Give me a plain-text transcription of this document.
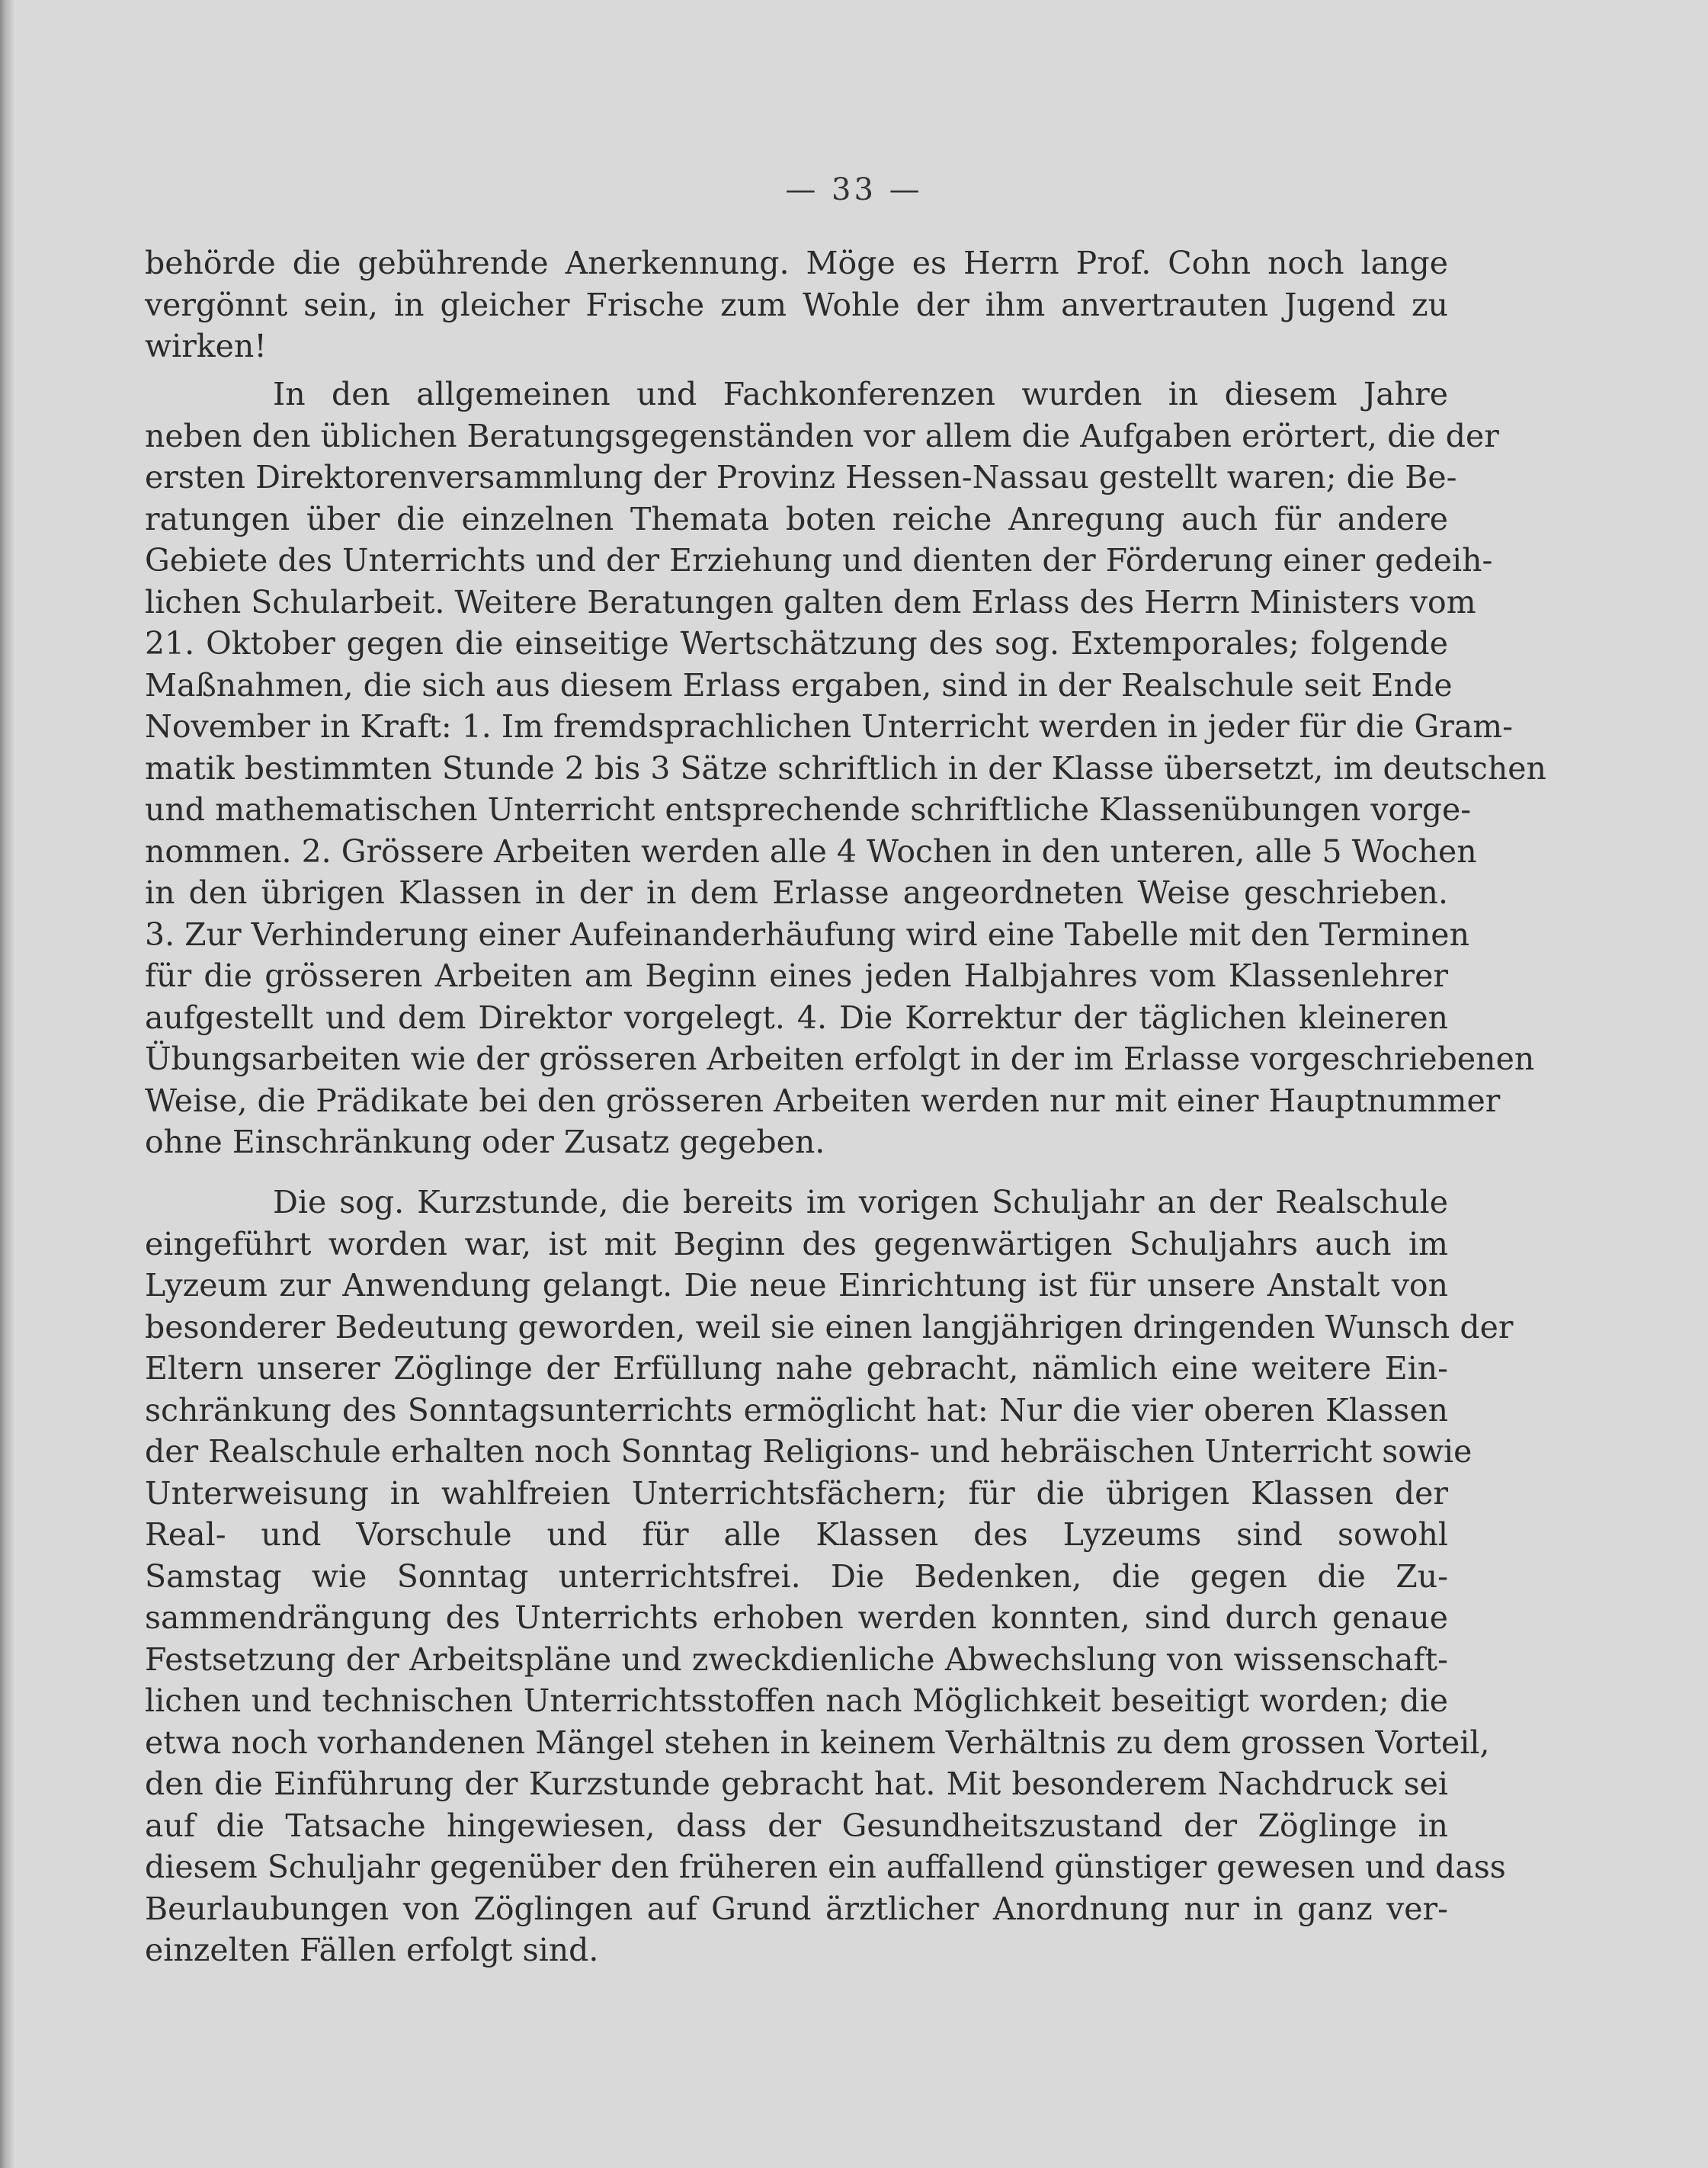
— 33 —
behörde die gebührende Anerkennung. Möge es Herrn Prof. Cohn noch lange
vergönnt sein, in gleicher Frische zum Wohle der ihm anvertrauten Jugend zu
wirken!
In den allgemeinen und Fachkonferenzen wurden in diesem Jahre
neben den üblichen Beratungsgegenständen vor allem die Aufgaben erörtert, die der
ersten Direktorenversammlung der Provinz Hessen-Nassau gestellt waren; die Be-
ratungen über die einzelnen Themata boten reiche Anregung auch für andere
Gebiete des Unterrichts und der Erziehung und dienten der Förderung einer gedeih-
lichen Schularbeit. Weitere Beratungen galten dem Erlass des Herrn Ministers vom
21. Oktober gegen die einseitige Wertschätzung des sog. Extemporales; folgende
Maßnahmen, die sich aus diesem Erlass ergaben, sind in der Realschule seit Ende
November in Kraft: 1. Im fremdsprachlichen Unterricht werden in jeder für die Gram-
matik bestimmten Stunde 2 bis 3 Sätze schriftlich in der Klasse übersetzt, im deutschen
und mathematischen Unterricht entsprechende schriftliche Klassenübungen vorge-
nommen. 2. Grössere Arbeiten werden alle 4 Wochen in den unteren, alle 5 Wochen
in den übrigen Klassen in der in dem Erlasse angeordneten Weise geschrieben.
3. Zur Verhinderung einer Aufeinanderhäufung wird eine Tabelle mit den Terminen
für die grösseren Arbeiten am Beginn eines jeden Halbjahres vom Klassenlehrer
aufgestellt und dem Direktor vorgelegt. 4. Die Korrektur der täglichen kleineren
Übungsarbeiten wie der grösseren Arbeiten erfolgt in der im Erlasse vorgeschriebenen
Weise, die Prädikate bei den grösseren Arbeiten werden nur mit einer Hauptnummer
ohne Einschränkung oder Zusatz gegeben.
Die sog. Kurzstunde, die bereits im vorigen Schuljahr an der Realschule
eingeführt worden war, ist mit Beginn des gegenwärtigen Schuljahrs auch im
Lyzeum zur Anwendung gelangt. Die neue Einrichtung ist für unsere Anstalt von
besonderer Bedeutung geworden, weil sie einen langjährigen dringenden Wunsch der
Eltern unserer Zöglinge der Erfüllung nahe gebracht, nämlich eine weitere Ein-
schränkung des Sonntagsunterrichts ermöglicht hat: Nur die vier oberen Klassen
der Realschule erhalten noch Sonntag Religions- und hebräischen Unterricht sowie
Unterweisung in wahlfreien Unterrichtsfächern; für die übrigen Klassen der
Real- und Vorschule und für alle Klassen des Lyzeums sind sowohl
Samstag wie Sonntag unterrichtsfrei. Die Bedenken, die gegen die Zu-
sammendrängung des Unterrichts erhoben werden konnten, sind durch genaue
Festsetzung der Arbeitspläne und zweckdienliche Abwechslung von wissenschaft-
lichen und technischen Unterrichtsstoffen nach Möglichkeit beseitigt worden; die
etwa noch vorhandenen Mängel stehen in keinem Verhältnis zu dem grossen Vorteil,
den die Einführung der Kurzstunde gebracht hat. Mit besonderem Nachdruck sei
auf die Tatsache hingewiesen, dass der Gesundheitszustand der Zöglinge in
diesem Schuljahr gegenüber den früheren ein auffallend günstiger gewesen und dass
Beurlaubungen von Zöglingen auf Grund ärztlicher Anordnung nur in ganz ver-
einzelten Fällen erfolgt sind.
